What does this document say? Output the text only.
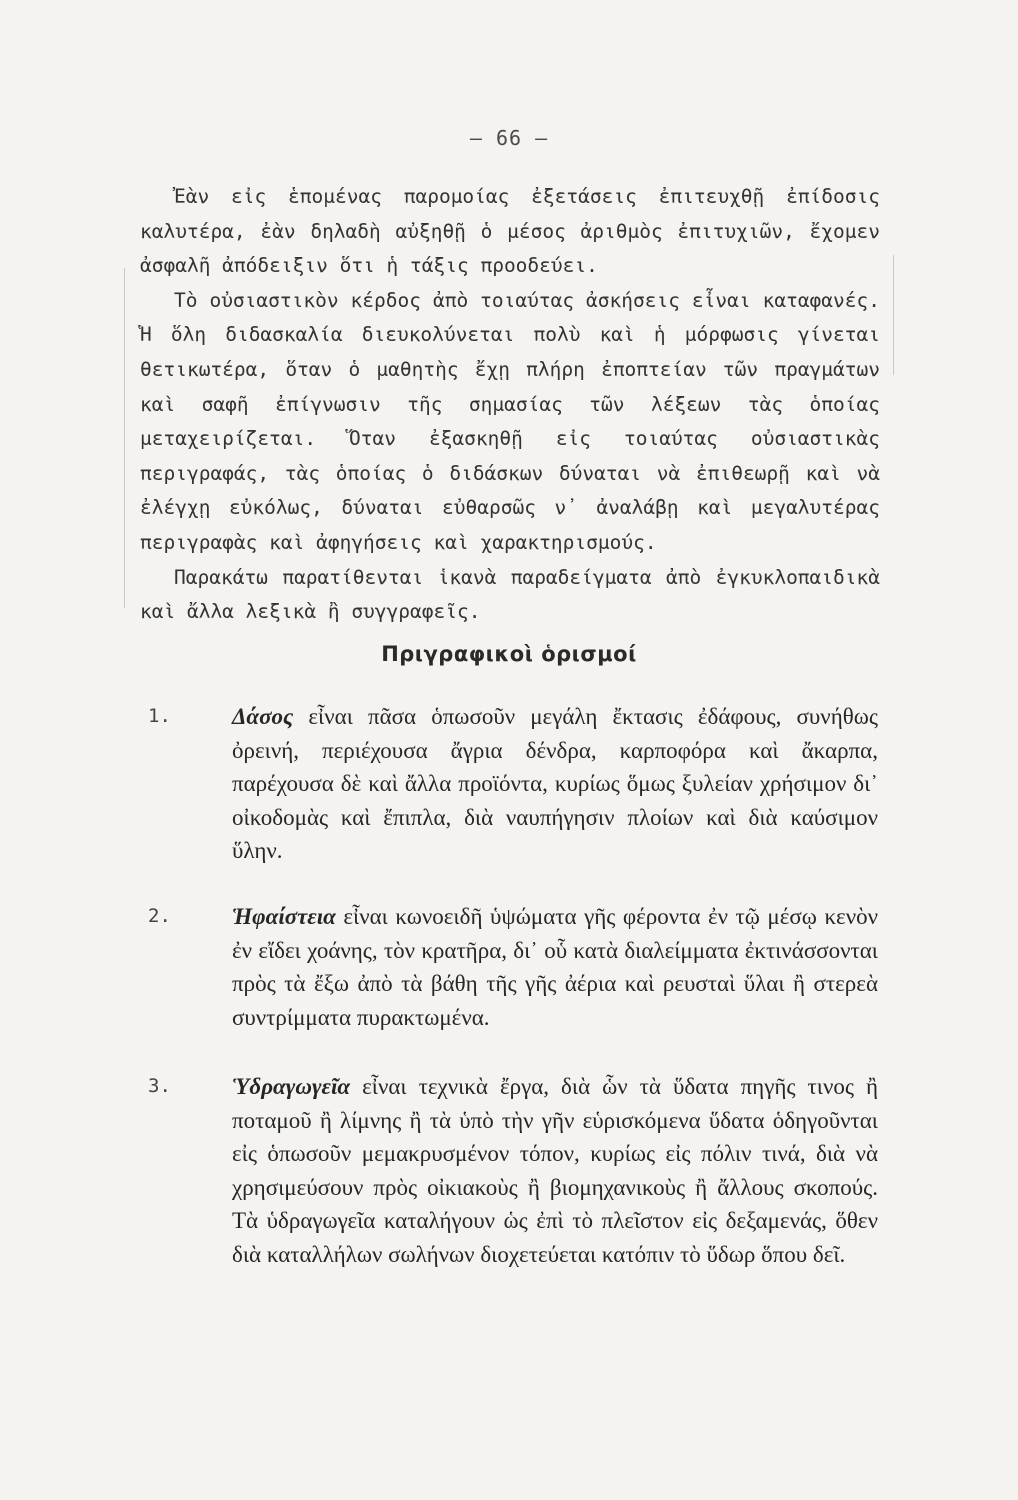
— 66 —

Ἐὰν εἰς ἑπομένας παρομοίας ἐξετάσεις ἐπιτευχθῇ ἐπίδοσις καλυτέρα, ἐὰν δηλαδὴ αὐξηθῇ ὁ μέσος ἀριθμὸς ἐπιτυχιῶν, ἔχομεν ἀσφαλῆ ἀπόδειξιν ὅτι ἡ τάξις προοδεύει.

Τὸ οὐσιαστικὸν κέρδος ἀπὸ τοιαύτας ἀσκήσεις εἶναι καταφανές. Ἡ ὅλη διδασκαλία διευκολύνεται πολὺ καὶ ἡ μόρφωσις γίνεται θετικωτέρα, ὅταν ὁ μαθητὴς ἔχῃ πλήρη ἐποπτείαν τῶν πραγμάτων καὶ σαφῆ ἐπίγνωσιν τῆς σημασίας τῶν λέξεων τὰς ὁποίας μεταχειρίζεται. Ὅταν ἐξασκηθῇ εἰς τοιαύτας οὐσιαστικὰς περιγραφάς, τὰς ὁποίας ὁ διδάσκων δύναται νὰ ἐπιθεωρῇ καὶ νὰ ἐλέγχῃ εὐκόλως, δύναται εὐθαρσῶς ν᾽ ἀναλάβῃ καὶ μεγαλυτέρας περιγραφὰς καὶ ἀφηγήσεις καὶ χαρακτηρισμούς.

Παρακάτω παρατίθενται ἱκανὰ παραδείγματα ἀπὸ ἐγκυκλοπαιδικὰ καὶ ἄλλα λεξικὰ ἢ συγγραφεῖς.

Πριγραφικοὶ ὁρισμοί
1.	Δάσος εἶναι πᾶσα ὁπωσοῦν μεγάλη ἔκτασις ἐδάφους, συνήθως ὀρεινή, περιέχουσα ἄγρια δένδρα, καρποφόρα καὶ ἄκαρπα, παρέχουσα δὲ καὶ ἄλλα προϊόντα, κυρίως ὅμως ξυλείαν χρήσιμον δι᾽ οἰκοδομὰς καὶ ἔπιπλα, διὰ ναυπήγησιν πλοίων καὶ διὰ καύσιμον ὕλην.
2.	Ἡφαίστεια εἶναι κωνοειδῆ ὑψώματα γῆς φέροντα ἐν τῷ μέσῳ κενὸν ἐν εἴδει χοάνης, τὸν κρατῆρα, δι᾽ οὗ κατὰ διαλείμματα ἐκτινάσσονται πρὸς τὰ ἔξω ἀπὸ τὰ βάθη τῆς γῆς ἀέρια καὶ ρευσταὶ ὕλαι ἢ στερεὰ συντρίμματα πυρακτωμένα.
3.	Ὑδραγωγεῖα εἶναι τεχνικὰ ἔργα, διὰ ὧν τὰ ὕδατα πηγῆς τινος ἢ ποταμοῦ ἢ λίμνης ἢ τὰ ὑπὸ τὴν γῆν εὑρισκόμενα ὕδατα ὁδηγοῦνται εἰς ὁπωσοῦν μεμακρυσμένον τόπον, κυρίως εἰς πόλιν τινά, διὰ νὰ χρησιμεύσουν πρὸς οἰκιακοὺς ἢ βιομηχανικοὺς ἢ ἄλλους σκοπούς. Τὰ ὑδραγωγεῖα καταλήγουν ὡς ἐπὶ τὸ πλεῖστον εἰς δεξαμενάς, ὅθεν διὰ καταλλήλων σωλήνων διοχετεύεται κατόπιν τὸ ὕδωρ ὅπου δεῖ.
